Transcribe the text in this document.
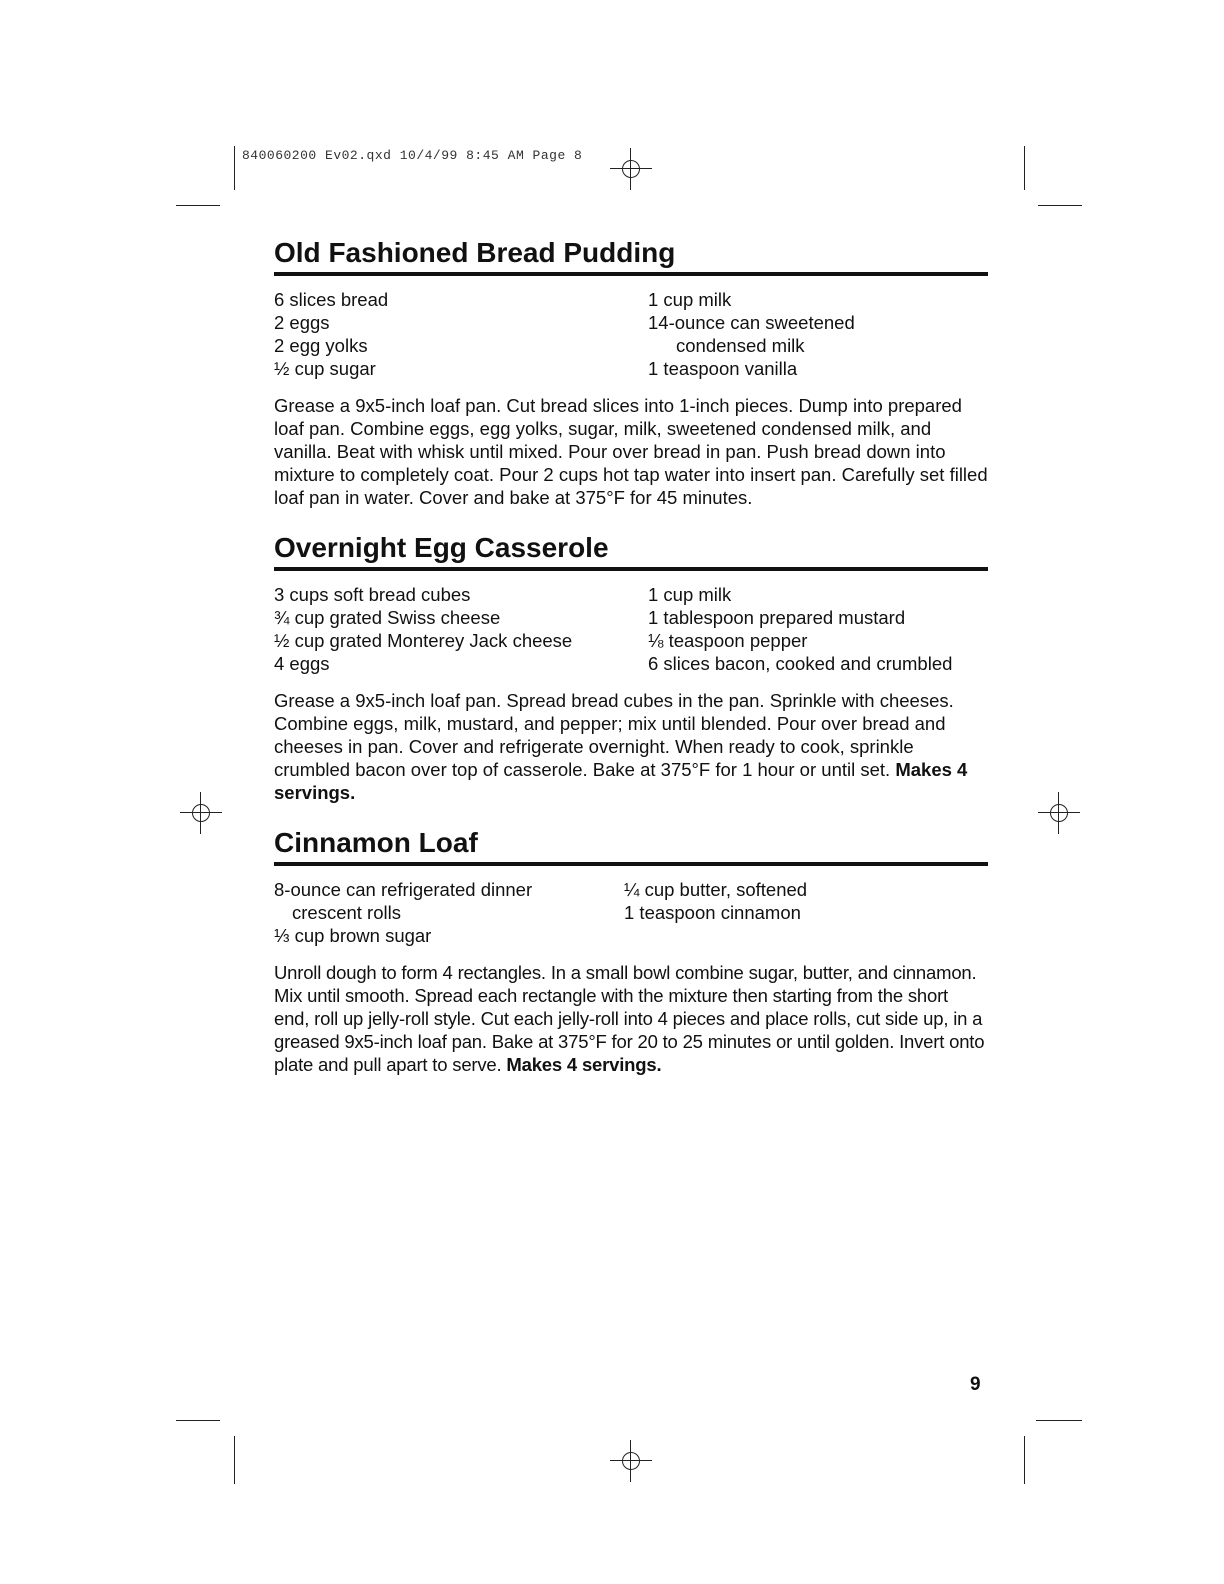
840060200 Ev02.qxd 10/4/99 8:45 AM Page 8
Old Fashioned Bread Pudding
6 slices bread
2 eggs
2 egg yolks
½ cup sugar
1 cup milk
14-ounce can sweetened
condensed milk
1 teaspoon vanilla

Grease a 9x5-inch loaf pan. Cut bread slices into 1-inch pieces. Dump into prepared loaf pan. Combine eggs, egg yolks, sugar, milk, sweetened condensed milk, and vanilla. Beat with whisk until mixed. Pour over bread in pan. Push bread down into mixture to completely coat. Pour 2 cups hot tap water into insert pan. Carefully set filled loaf pan in water. Cover and bake at 375°F for 45 minutes.

Overnight Egg Casserole
3 cups soft bread cubes
¾ cup grated Swiss cheese
½ cup grated Monterey Jack cheese
4 eggs
1 cup milk
1 tablespoon prepared mustard
⅛ teaspoon pepper
6 slices bacon, cooked and crumbled

Grease a 9x5-inch loaf pan. Spread bread cubes in the pan. Sprinkle with cheeses. Combine eggs, milk, mustard, and pepper; mix until blended. Pour over bread and cheeses in pan. Cover and refrigerate overnight. When ready to cook, sprinkle crumbled bacon over top of casserole. Bake at 375°F for 1 hour or until set. Makes 4 servings.

Cinnamon Loaf
8-ounce can refrigerated dinner
crescent rolls
⅓ cup brown sugar
¼ cup butter, softened
1 teaspoon cinnamon

Unroll dough to form 4 rectangles. In a small bowl combine sugar, butter, and cinnamon. Mix until smooth. Spread each rectangle with the mixture then starting from the short end, roll up jelly-roll style. Cut each jelly-roll into 4 pieces and place rolls, cut side up, in a greased 9x5-inch loaf pan. Bake at 375°F for 20 to 25 minutes or until golden. Invert onto plate and pull apart to serve. Makes 4 servings.

9
